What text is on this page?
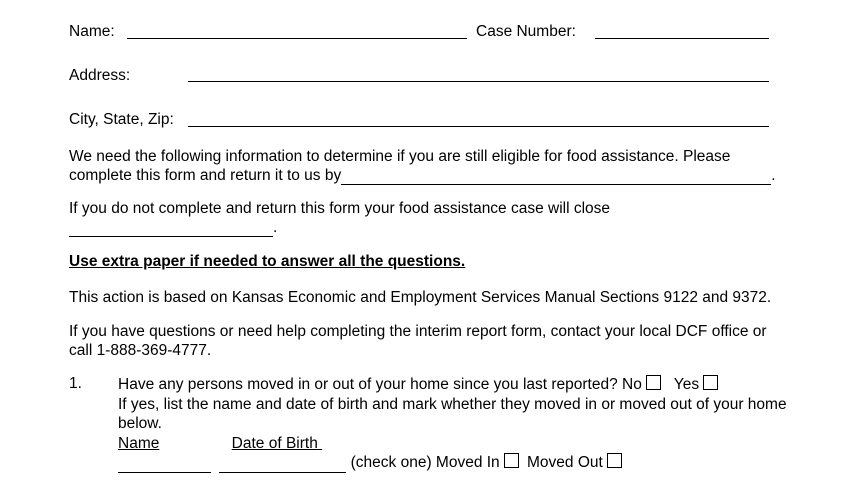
Name:	Case Number:
Address:
City, State, Zip:
We need the following information to determine if you are still eligible for food assistance. Please
complete this form and return it to us by	.
If you do not complete and return this form your food assistance case will close
.
Use extra paper if needed to answer all the questions.
This action is based on Kansas Economic and Employment Services Manual Sections 9122 and 9372.
If you have questions or need help completing the interim report form, contact your local DCF office or
call 1-888-369-4777.
1. Have any persons moved in or out of your home since you last reported? No Yes
If yes, list the name and date of birth and mark whether they moved in or moved out of your home
below.
Name	Date of Birth
(check one) Moved In Moved Out
